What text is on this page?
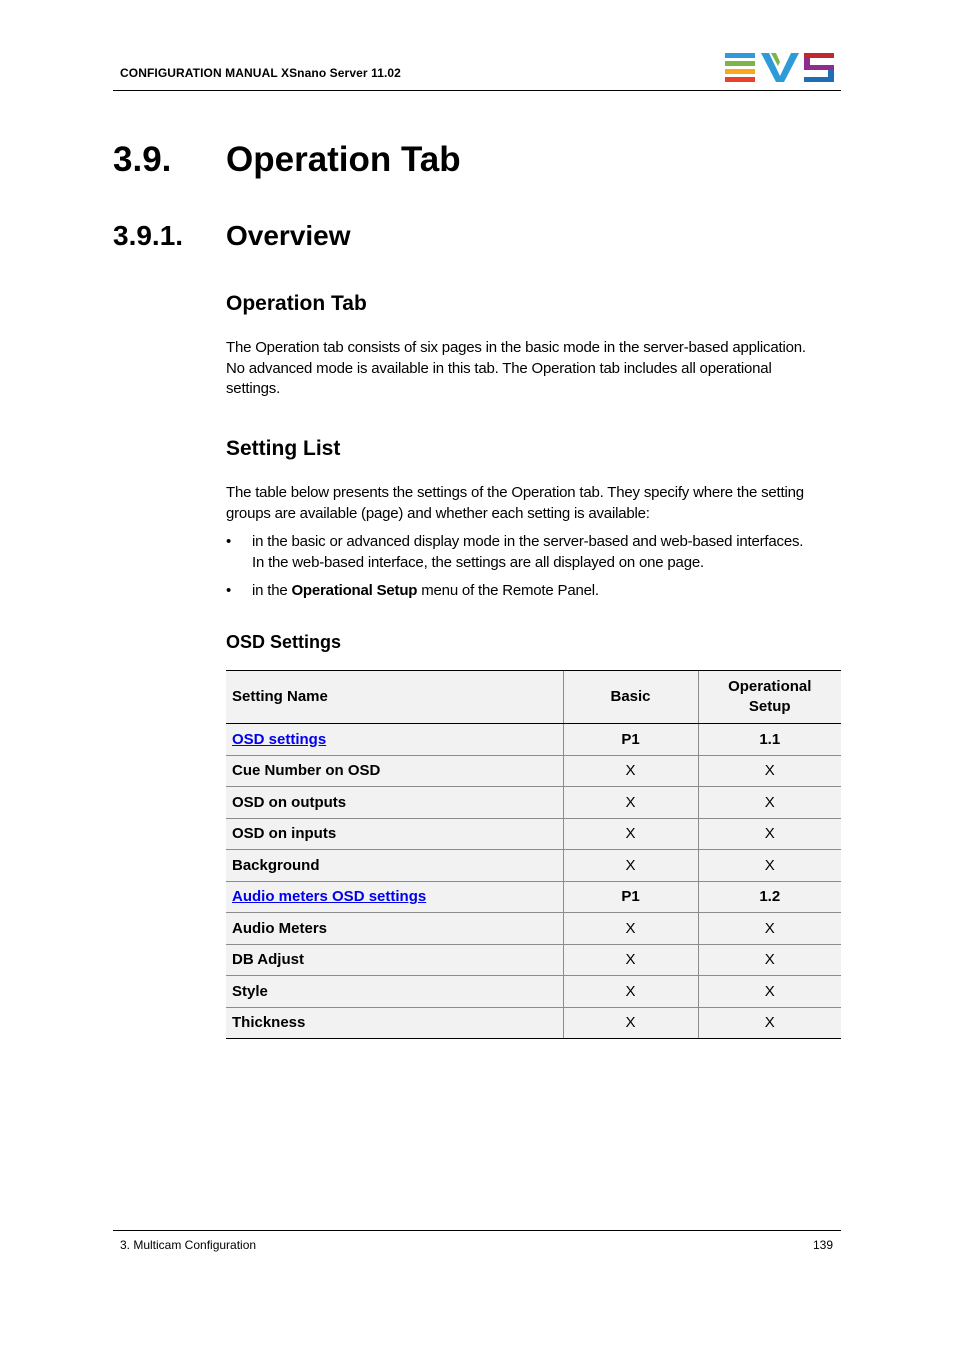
CONFIGURATION MANUAL XSnano Server 11.02
3.9. Operation Tab
3.9.1. Overview
Operation Tab
The Operation tab consists of six pages in the basic mode in the server-based application.
No advanced mode is available in this tab. The Operation tab includes all operational
settings.
Setting List
The table below presents the settings of the Operation tab. They specify where the setting
groups are available (page) and whether each setting is available:
• in the basic or advanced display mode in the server-based and web-based interfaces.
In the web-based interface, the settings are all displayed on one page.
• in the Operational Setup menu of the Remote Panel.
OSD Settings
Setting Name	Basic	Operational
Setup

OSD settings	P1	1.1
Cue Number on OSD	X	X
OSD on outputs	X	X
OSD on inputs	X	X
Background	X	X
Audio meters OSD settings	P1	1.2
Audio Meters	X	X
DB Adjust	X	X
Style	X	X
Thickness	X	X
3. Multicam Configuration	139
